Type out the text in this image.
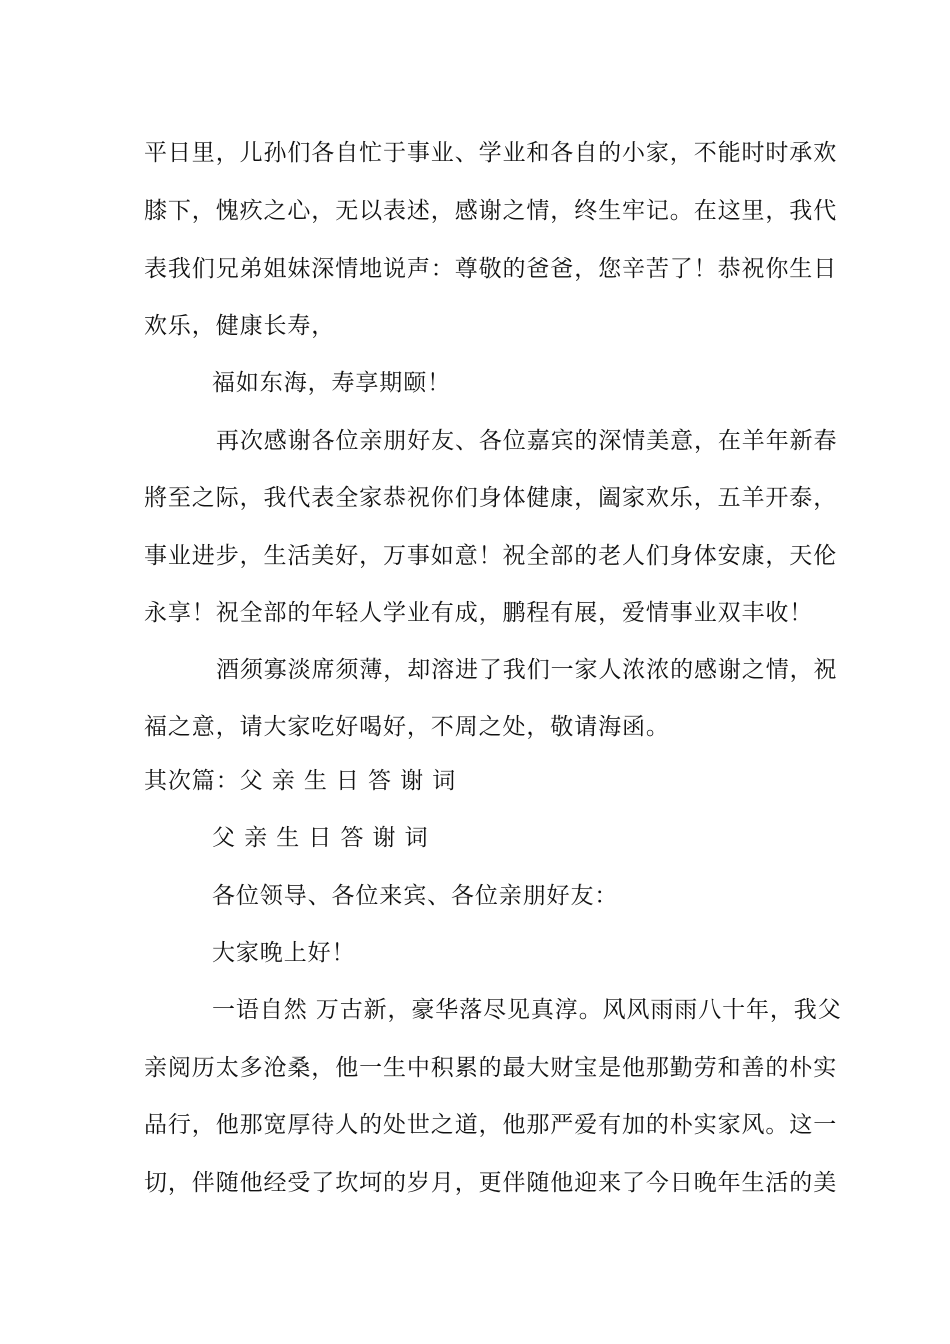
平日里，儿孙们各自忙于事业、学业和各自的小家，不能时时承欢
膝下，愧疚之心，无以表述，感谢之情，终生牢记。在这里，我代
表我们兄弟姐妹深情地说声：尊敬的爸爸，您辛苦了！恭祝你生日
欢乐，健康长寿，
福如东海，寿享期颐！
再次感谢各位亲朋好友、各位嘉宾的深情美意，在羊年新春
將至之际，我代表全家恭祝你们身体健康，阖家欢乐，五羊开泰，
事业进步，生活美好，万事如意！祝全部的老人们身体安康，天伦
永享！祝全部的年轻人学业有成，鹏程有展，爱情事业双丰收！
酒须寡淡席须薄，却溶进了我们一家人浓浓的感谢之情，祝
福之意，请大家吃好喝好，不周之处，敬请海函。
其次篇：父 亲 生 日 答 谢 词
父 亲 生 日 答 谢 词
各位领导、各位来宾、各位亲朋好友：
大家晚上好！
一语自然 万古新，豪华落尽见真淳。风风雨雨八十年，我父
亲阅历太多沧桑，他一生中积累的最大财宝是他那勤劳和善的朴实
品行，他那宽厚待人的处世之道，他那严爱有加的朴实家风。这一
切，伴随他经受了坎坷的岁月，更伴随他迎来了今日晚年生活的美
